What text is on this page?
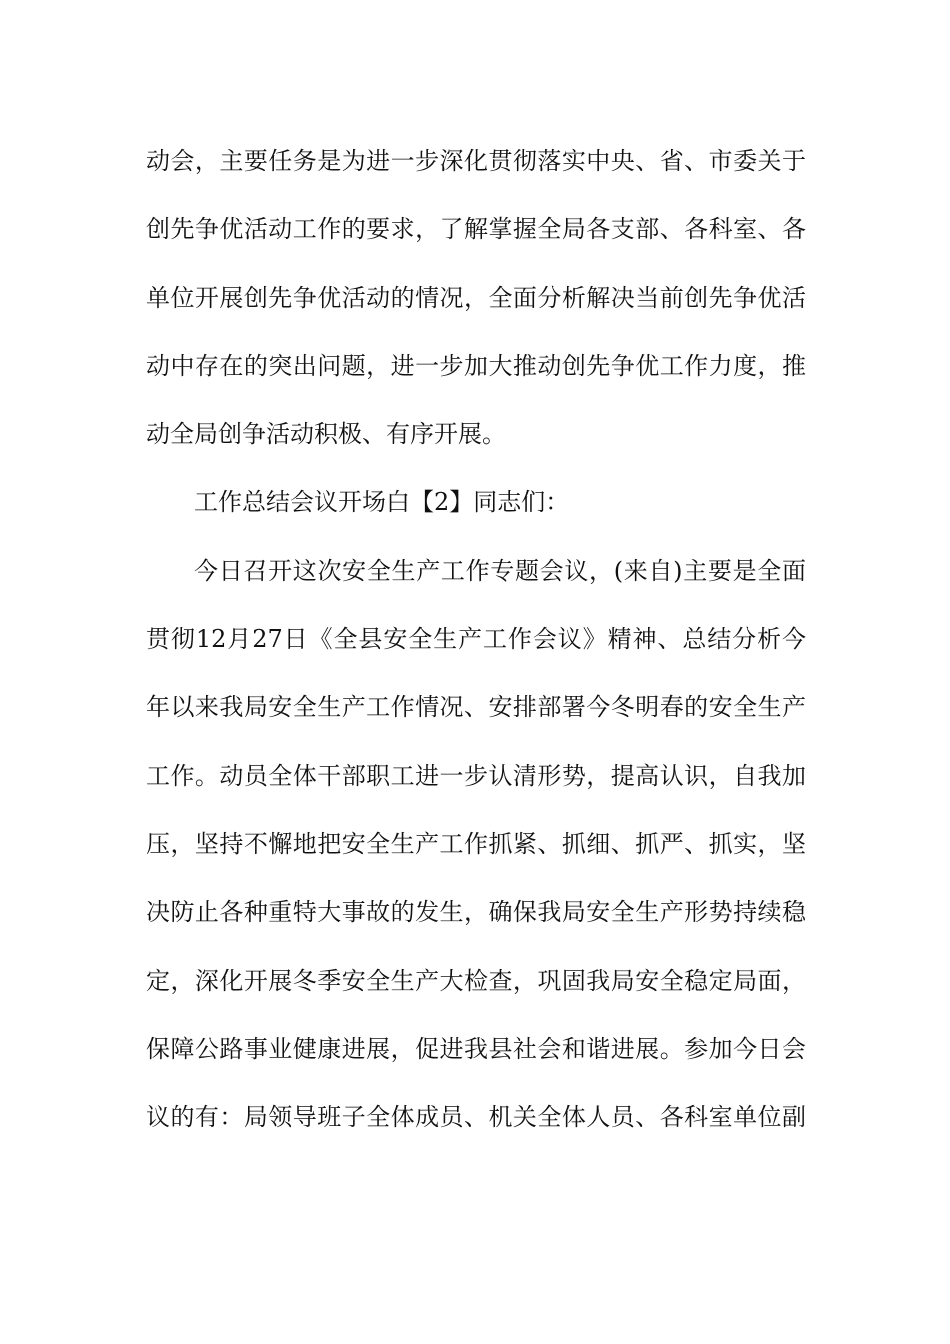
动会，主要任务是为进一步深化贯彻落实中央、省、市委关于
创先争优活动工作的要求，了解掌握全局各支部、各科室、各
单位开展创先争优活动的情况，全面分析解决当前创先争优活
动中存在的突出问题，进一步加大推动创先争优工作力度，推
动全局创争活动积极、有序开展。
工作总结会议开场白【2】同志们：
今日召开这次安全生产工作专题会议，(来自)主要是全面
贯彻12月27日《全县安全生产工作会议》精神、总结分析今
年以来我局安全生产工作情况、安排部署今冬明春的安全生产
工作。动员全体干部职工进一步认清形势，提高认识，自我加
压，坚持不懈地把安全生产工作抓紧、抓细、抓严、抓实，坚
决防止各种重特大事故的发生，确保我局安全生产形势持续稳
定，深化开展冬季安全生产大检查，巩固我局安全稳定局面，
保障公路事业健康进展，促进我县社会和谐进展。参加今日会
议的有：局领导班子全体成员、机关全体人员、各科室单位副
